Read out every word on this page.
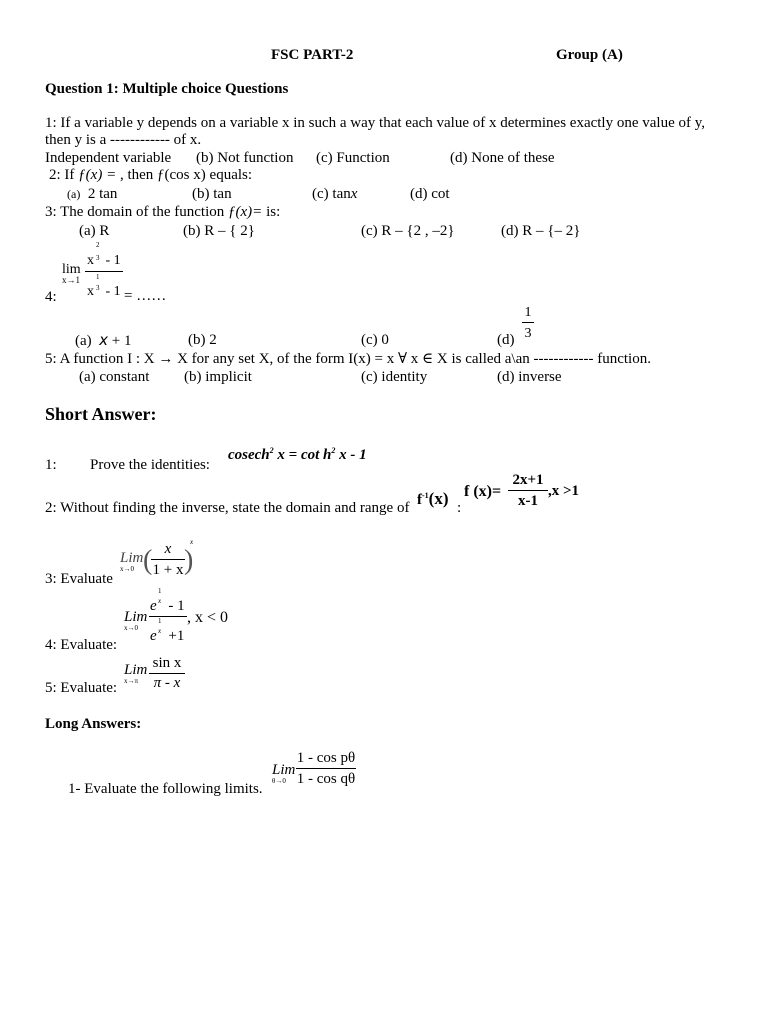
FSC PART-2	Group (A)
Question 1: Multiple choice Questions
1: If a variable y depends on a variable x in such a way that each value of x determines exactly one value of y,
then y is a ------------ of x.
Independent variable (b) Not function (c) Function	(d) None of these
2: If ƒ(x) = , then ƒ(cos x) equals:
(a) 2 tan	(b) tan	(c) tanx	(d) cot
3: The domain of the function ƒ(x)= is:
(a) R	(b) R – { 2}	(c) R – {2 , –2}	(d) R – {– 2}
lim
x→1 x
2
3 - 1
x
1
3 - 1
4:	= ……
(a) x + 1	(b) 2	(c) 0	$(d) \frac{1}{3}$
5: A function I : X → X for any set X, of the form I(x) = x ∀ x ∈ X is called a\an ------------ function.
(a) constant (b) implicit	(c) identity	(d) inverse
Short Answer:
1: Prove the identities:
cosech$^2$ $x = \cot h^2$ x - 1
2: Without finding the inverse, state the domain and range of $f^{-1}(x)$ :
f $(x)= \frac{2x+1}{x-1} ,x >1$
3: Evaluate
Lim
x→0 (
$\frac{x}{1 + x}$ )
x
4: Evaluate:
Lim
x→0 e
1
x - 1
e
1
x +1 , x < 0
5: Evaluate:
Lim
$x\to\pi \frac{\text{sin x}}{\pi - x}$
Long Answers:
1- Evaluate the following limits.
Lim
$\theta\to 0 \frac{\text{1 - cos pθ}}{\text{1 - cos qθ}}$
